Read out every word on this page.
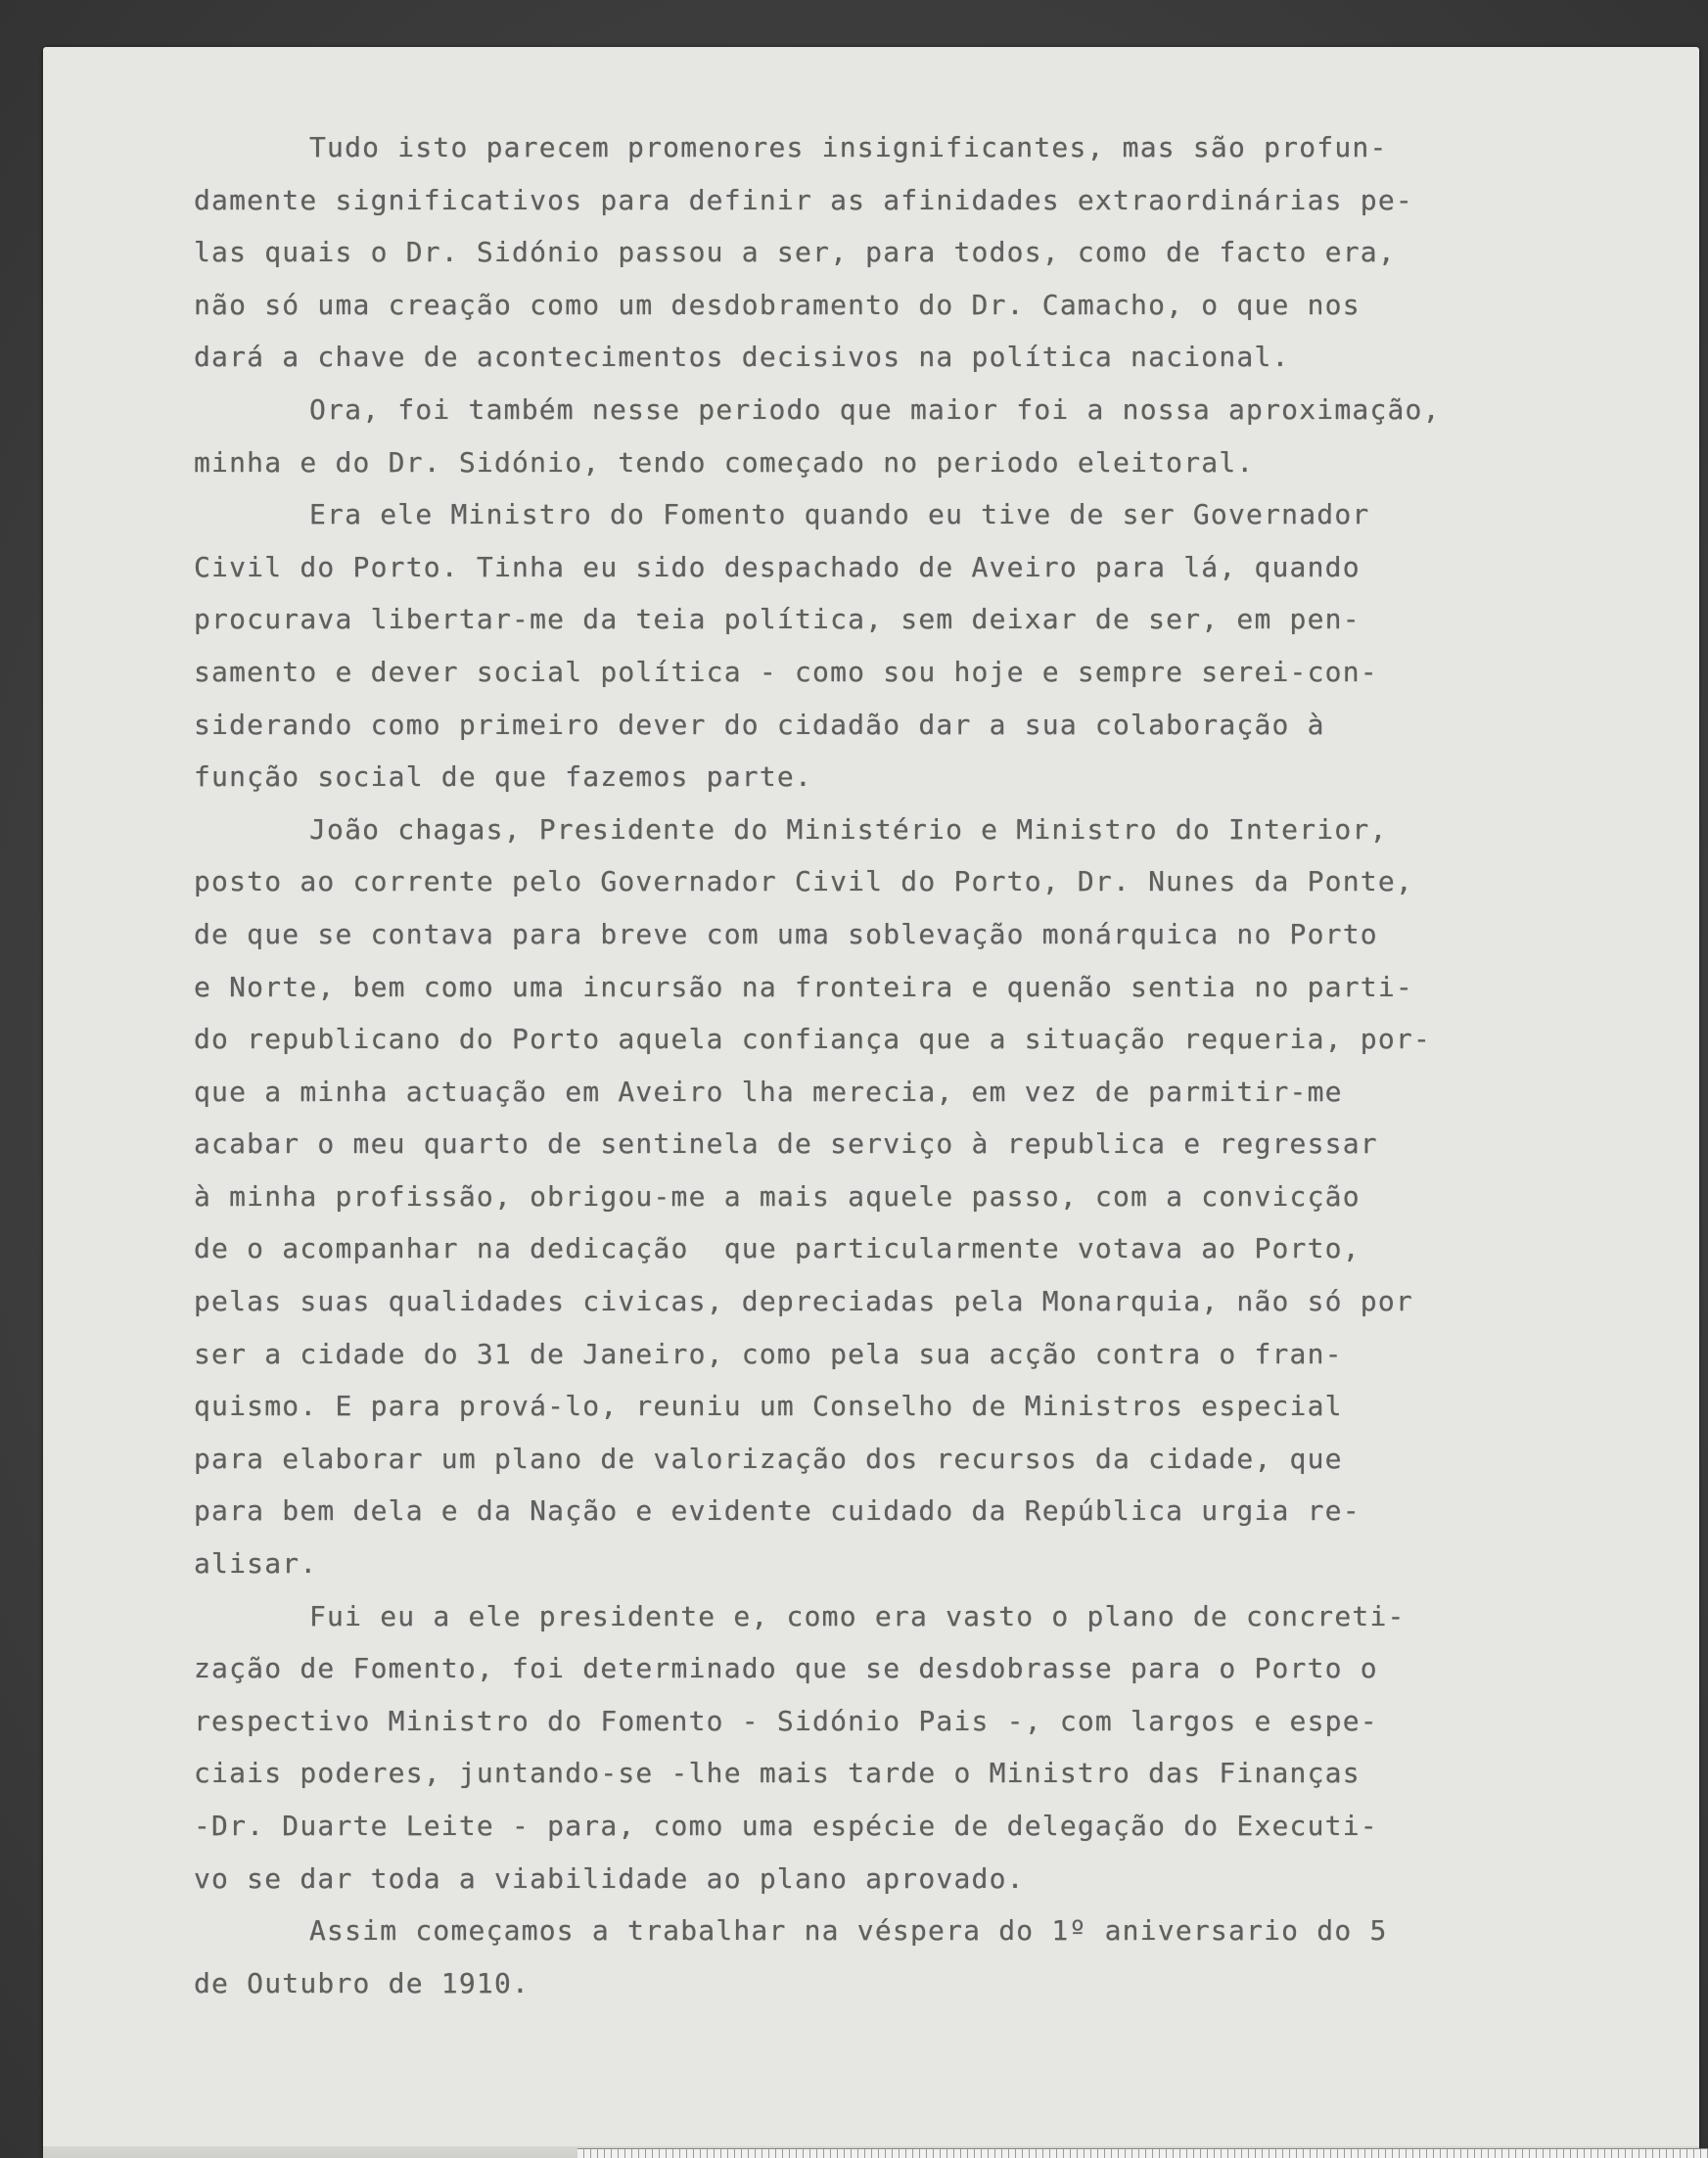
Tudo isto parecem promenores insignificantes, mas são profun-
damente significativos para definir as afinidades extraordinárias pe-
las quais o Dr. Sidónio passou a ser, para todos, como de facto era,
não só uma creação como um desdobramento do Dr. Camacho, o que nos
dará a chave de acontecimentos decisivos na política nacional.

Ora, foi também nesse periodo que maior foi a nossa aproximação,
minha e do Dr. Sidónio, tendo começado no periodo eleitoral.

Era ele Ministro do Fomento quando eu tive de ser Governador
Civil do Porto. Tinha eu sido despachado de Aveiro para lá, quando
procurava libertar-me da teia política, sem deixar de ser, em pen-
samento e dever social política - como sou hoje e sempre serei-con-
siderando como primeiro dever do cidadão dar a sua colaboração à
função social de que fazemos parte.

João chagas, Presidente do Ministério e Ministro do Interior,
posto ao corrente pelo Governador Civil do Porto, Dr. Nunes da Ponte,
de que se contava para breve com uma soblevação monárquica no Porto
e Norte, bem como uma incursão na fronteira e quenão sentia no parti-
do republicano do Porto aquela confiança que a situação requeria, por-
que a minha actuação em Aveiro lha merecia, em vez de parmitir-me
acabar o meu quarto de sentinela de serviço à republica e regressar
à minha profissão, obrigou-me a mais aquele passo, com a convicção
de o acompanhar na dedicação  que particularmente votava ao Porto,
pelas suas qualidades civicas, depreciadas pela Monarquia, não só por
ser a cidade do 31 de Janeiro, como pela sua acção contra o fran-
quismo. E para prová-lo, reuniu um Conselho de Ministros especial
para elaborar um plano de valorização dos recursos da cidade, que
para bem dela e da Nação e evidente cuidado da República urgia re-
alisar.

Fui eu a ele presidente e, como era vasto o plano de concreti-
zação de Fomento, foi determinado que se desdobrasse para o Porto o
respectivo Ministro do Fomento - Sidónio Pais -, com largos e espe-
ciais poderes, juntando-se -lhe mais tarde o Ministro das Finanças
-Dr. Duarte Leite - para, como uma espécie de delegação do Executi-
vo se dar toda a viabilidade ao plano aprovado.

Assim começamos a trabalhar na véspera do 1º aniversario do 5
de Outubro de 1910.
